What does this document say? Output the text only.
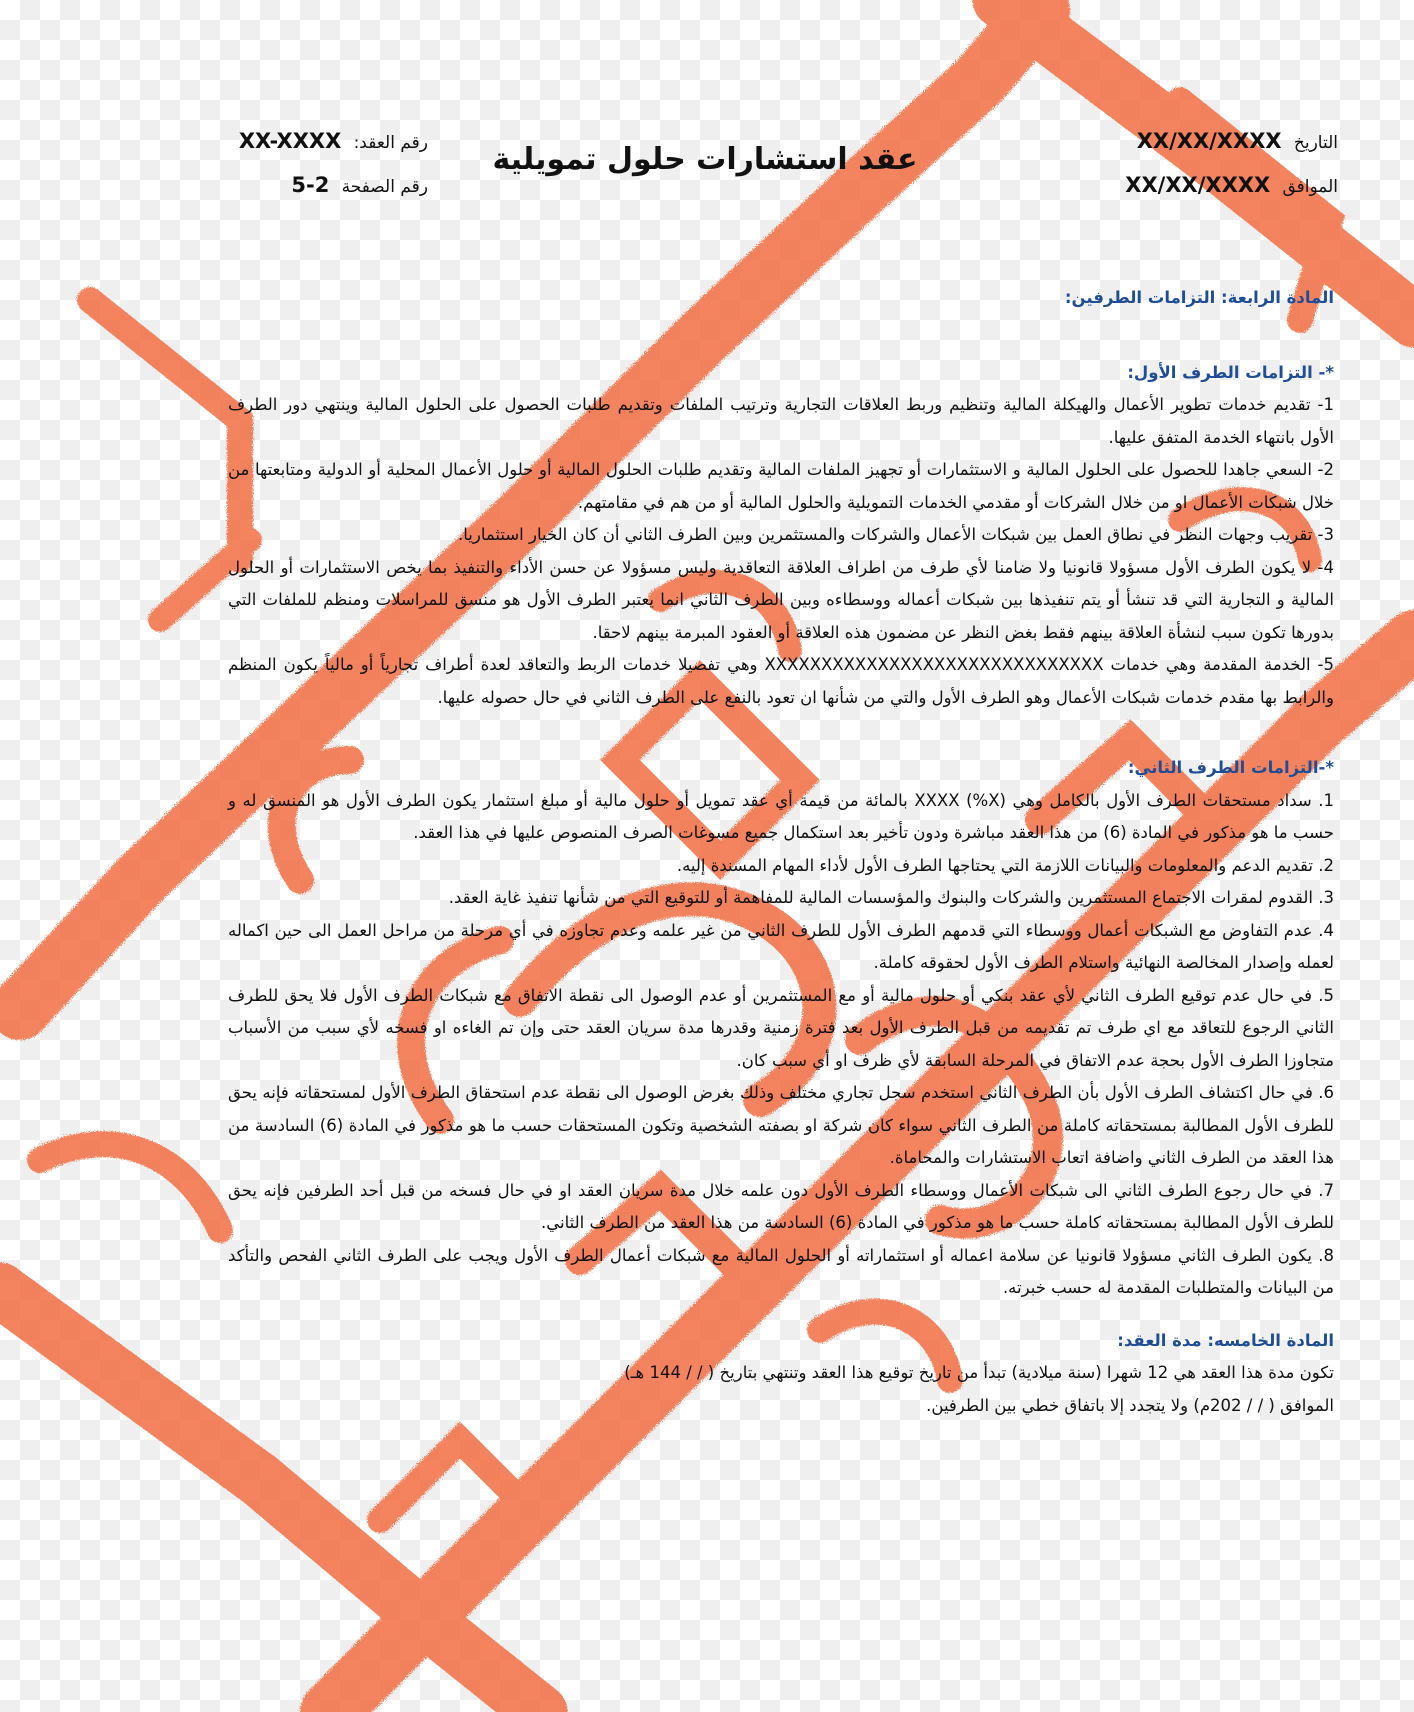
التاريخ XX/XX/XXXX
الموافق XX/XX/XXXX
عقد استشارات حلول تمويلية
رقم العقد: XX-XXXX
رقم الصفحة 2-5
المادة الرابعة: التزامات الطرفين:
*- التزامات الطرف الأول:

1- تقديم خدمات تطوير الأعمال والهيكلة المالية وتنظيم وربط العلاقات التجارية وترتيب الملفات وتقديم طلبات الحصول على الحلول المالية وينتهي دور الطرف الأول بانتهاء الخدمة المتفق عليها.

2- السعي جاهدا للحصول على الحلول المالية و الاستثمارات أو تجهيز الملفات المالية وتقديم طلبات الحلول المالية أو حلول الأعمال المحلية أو الدولية ومتابعتها من خلال شبكات الأعمال او من خلال الشركات أو مقدمي الخدمات التمويلية والحلول المالية أو من هم في مقامتهم.

3- تقريب وجهات النظر في نطاق العمل بين شبكات الأعمال والشركات والمستثمرين وبين الطرف الثاني أن كان الخيار استثماريا.

4- لا يكون الطرف الأول مسؤولا قانونيا ولا ضامنا لأي طرف من اطراف العلاقة التعاقدية وليس مسؤولا عن حسن الأداء والتنفيذ بما يخص الاستثمارات أو الحلول المالية و التجارية التي قد تنشأ أو يتم تنفيذها بين شبكات أعماله ووسطاءه وبين الطرف الثاني انما يعتبر الطرف الأول هو منسق للمراسلات ومنظم للملفات التي بدورها تكون سبب لنشأة العلاقة بينهم فقط بغض النظر عن مضمون هذه العلاقة أو العقود المبرمة بينهم لاحقا.

5- الخدمة المقدمة وهي خدمات XXXXXXXXXXXXXXXXXXXXXXXXXXXXXX وهي تفصيلا خدمات الربط والتعاقد لعدة أطراف تجارياً أو مالياً يكون المنظم والرابط بها مقدم خدمات شبكات الأعمال وهو الطرف الأول والتي من شأنها ان تعود بالنفع على الطرف الثاني في حال حصوله عليها.

*-التزامات الطرف الثاني:

1. سداد مستحقات الطرف الأول بالكامل وهي (X%) XXXX بالمائة من قيمة أي عقد تمويل أو حلول مالية أو مبلغ استثمار يكون الطرف الأول هو المنسق له و حسب ما هو مذكور في المادة (6) من هذا العقد مباشرة ودون تأخير بعد استكمال جميع مسوغات الصرف المنصوص عليها في هذا العقد.

2. تقديم الدعم والمعلومات والبيانات اللازمة التي يحتاجها الطرف الأول لأداء المهام المسندة إليه.

3. القدوم لمقرات الاجتماع المستثمرين والشركات والبنوك والمؤسسات المالية للمفاهمة أو للتوقيع التي من شأنها تنفيذ غاية العقد.

4. عدم التفاوض مع الشبكات أعمال ووسطاء التي قدمهم الطرف الأول للطرف الثاني من غير علمه وعدم تجاوزه في أي مرحلة من مراحل العمل الى حين اكماله لعمله وإصدار المخالصة النهائية واستلام الطرف الأول لحقوقه كاملة.

5. في حال عدم توقيع الطرف الثاني لأي عقد بنكي أو حلول مالية أو مع المستثمرين أو عدم الوصول الى نقطة الاتفاق مع شبكات الطرف الأول فلا يحق للطرف الثاني الرجوع للتعاقد مع اي طرف تم تقديمه من قبل الطرف الأول بعد فترة زمنية وقدرها مدة سريان العقد حتى وإن تم الغاءه او فسخه لأي سبب من الأسباب متجاوزا الطرف الأول بحجة عدم الاتفاق في المرحلة السابقة لأي ظرف او أي سبب كان.

6. في حال اكتشاف الطرف الأول بأن الطرف الثاني استخدم سجل تجاري مختلف وذلك بغرض الوصول الى نقطة عدم استحقاق الطرف الأول لمستحقاته فإنه يحق للطرف الأول المطالبة بمستحقاته كاملة من الطرف الثاني سواء كان شركة او بصفته الشخصية وتكون المستحقات حسب ما هو مذكور في المادة (6) السادسة من هذا العقد من الطرف الثاني واضافة اتعاب الاستشارات والمحاماة.

7. في حال رجوع الطرف الثاني الى شبكات الأعمال ووسطاء الطرف الأول دون علمه خلال مدة سريان العقد او في حال فسخه من قبل أحد الطرفين فإنه يحق للطرف الأول المطالبة بمستحقاته كاملة حسب ما هو مذكور في المادة (6) السادسة من هذا العقد من الطرف الثاني.

8. يكون الطرف الثاني مسؤولا قانونيا عن سلامة اعماله أو استثماراته أو الحلول المالية مع شبكات أعمال الطرف الأول ويجب على الطرف الثاني الفحص والتأكد من البيانات والمتطلبات المقدمة له حسب خبرته.

المادة الخامسه: مدة العقد:

تكون مدة هذا العقد هي 12 شهرا (سنة ميلادية) تبدأ من تاريخ توقيع هذا العقد وتنتهي بتاريخ ( / / 144 هـ)

الموافق ( / / 202م) ولا يتجدد إلا باتفاق خطي بين الطرفين.
